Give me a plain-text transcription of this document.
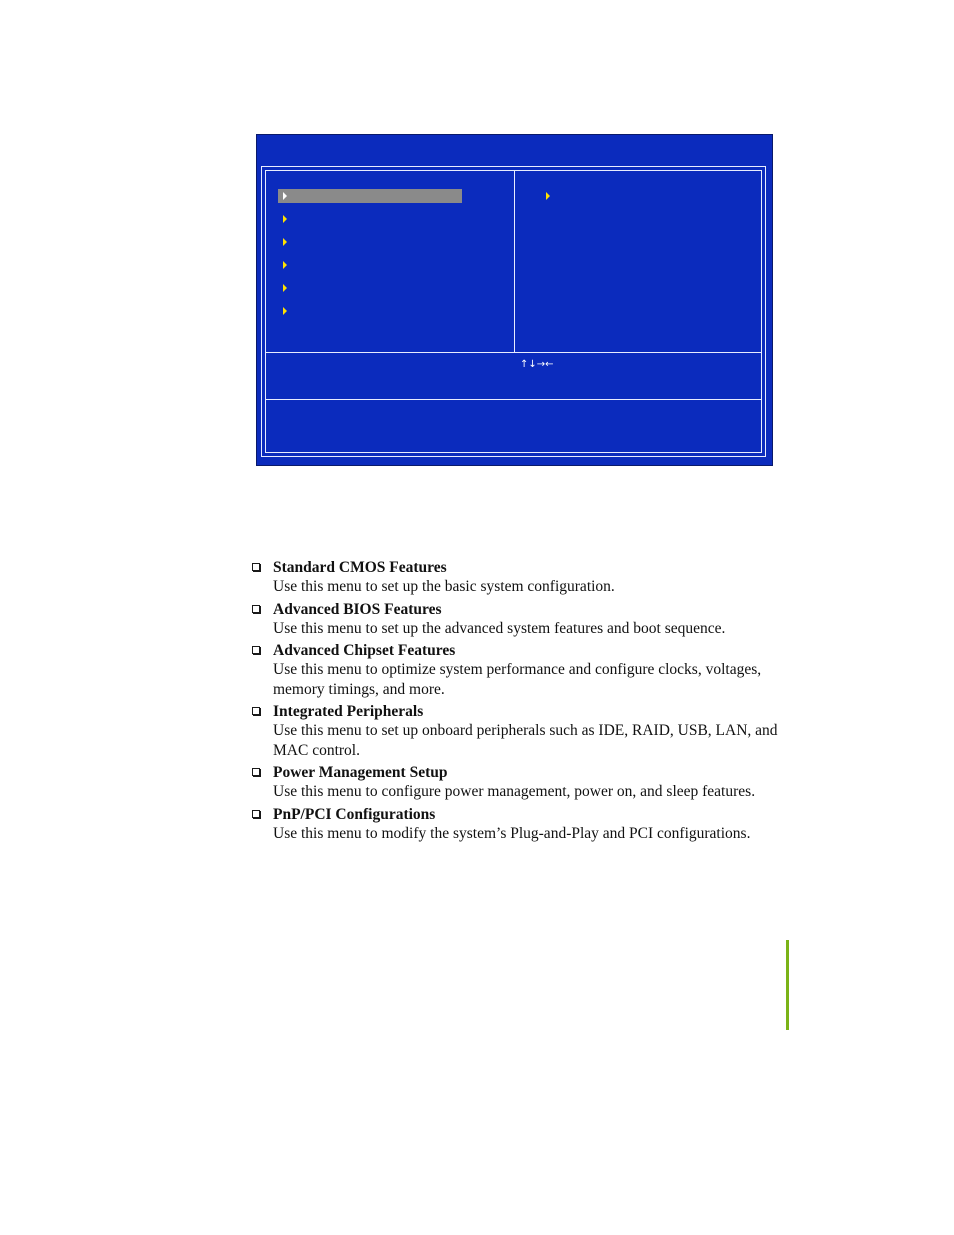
↑↓→←
Standard CMOS Features
Use this menu to set up the basic system configuration.
Advanced BIOS Features
Use this menu to set up the advanced system features and boot sequence.
Advanced Chipset Features
Use this menu to optimize system performance and configure clocks, voltages, memory timings, and more.
Integrated Peripherals
Use this menu to set up onboard peripherals such as IDE, RAID, USB, LAN, and MAC control.
Power Management Setup
Use this menu to configure power management, power on, and sleep features.
PnP/PCI Configurations
Use this menu to modify the system’s Plug-and-Play and PCI configurations.
